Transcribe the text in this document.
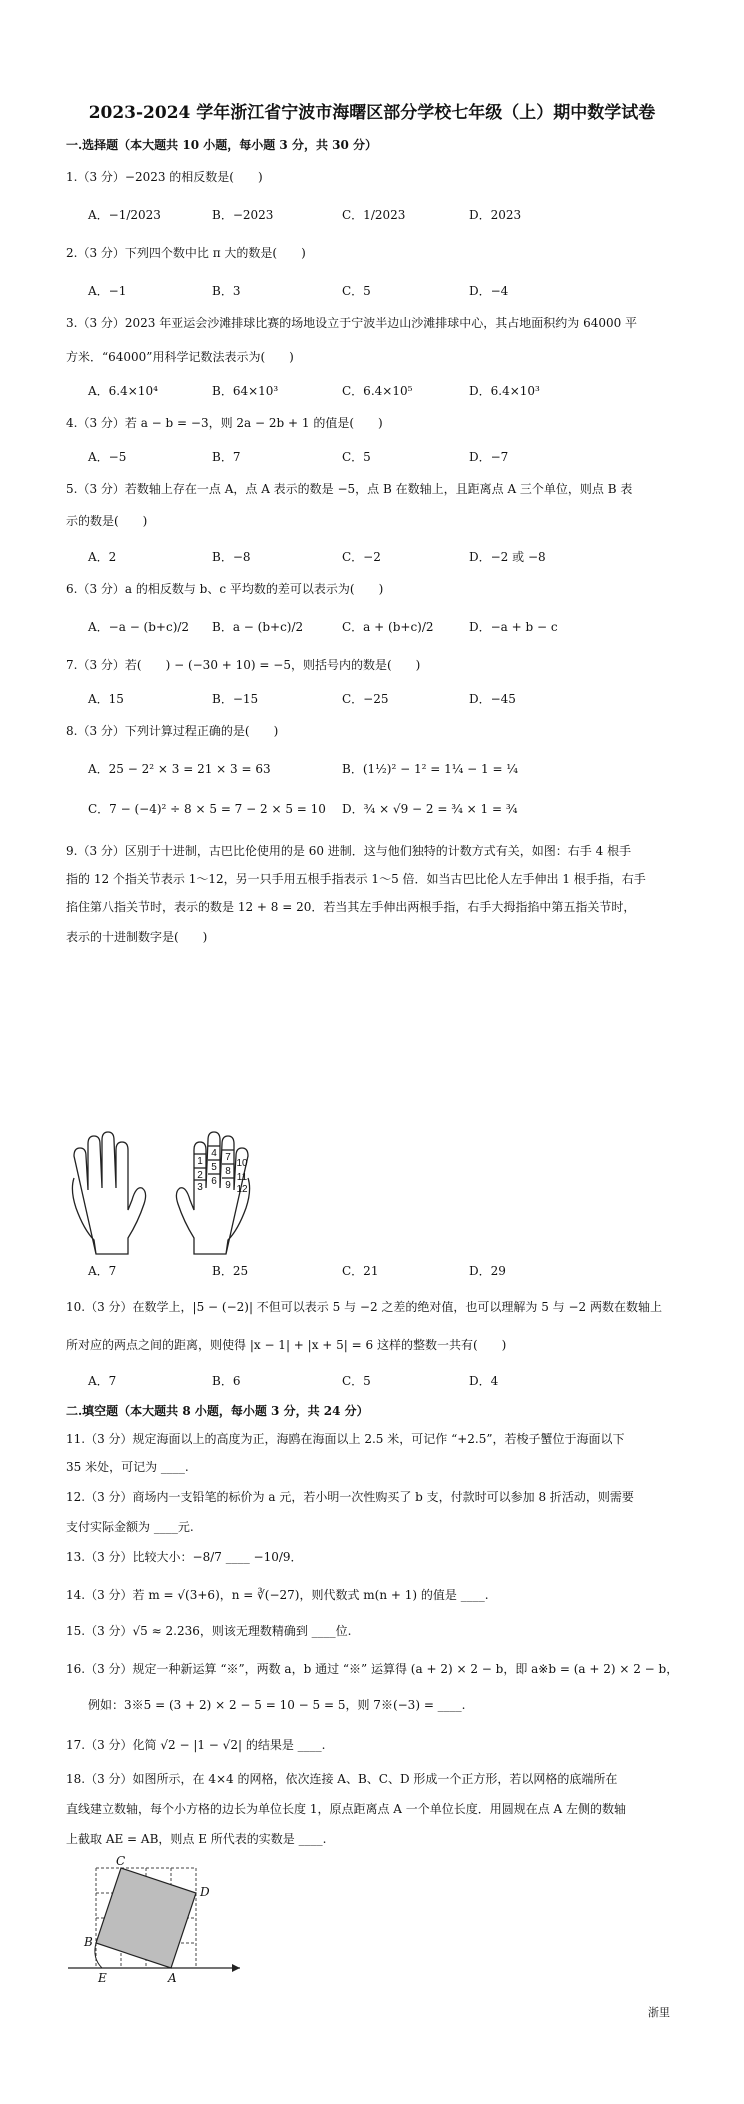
2023-2024 学年浙江省宁波市海曙区部分学校七年级（上）期中数学试卷
一.选择题（本大题共 10 小题，每小题 3 分，共 30 分）
1.（3 分）−2023 的相反数是(　　)
A．−1/2023	B．−2023	C．1/2023	D．2023
2.（3 分）下列四个数中比 π 大的数是(　　)
A．−1	B．3	C．5	D．−4
3.（3 分）2023 年亚运会沙滩排球比赛的场地设立于宁波半边山沙滩排球中心，其占地面积约为 64000 平
方米．“64000”用科学记数法表示为(　　)
A．6.4×10⁴	B．64×10³	C．6.4×10⁵	D．6.4×10³
4.（3 分）若 a − b = −3，则 2a − 2b + 1 的值是(　　)
A．−5	B．7	C．5	D．−7
5.（3 分）若数轴上存在一点 A，点 A 表示的数是 −5，点 B 在数轴上，且距离点 A 三个单位，则点 B 表
示的数是(　　)
A．2	B．−8	C．−2	D．−2 或 −8
6.（3 分）a 的相反数与 b、c 平均数的差可以表示为(　　)
A．−a − (b+c)/2 B．a − (b+c)/2	C．a + (b+c)/2	D．−a + b − c
7.（3 分）若(　　) − (−30 + 10) = −5，则括号内的数是(　　)
A．15	B．−15	C．−25	D．−45
8.（3 分）下列计算过程正确的是(　　)
A．25 − 2² × 3 = 21 × 3 = 63	B．(1½)² − 1² = 1¼ − 1 = ¼
C．7 − (−4)² ÷ 8 × 5 = 7 − 2 × 5 = 10 D．¾ × √9 − 2 = ¾ × 1 = ¾
9.（3 分）区别于十进制，古巴比伦使用的是 60 进制．这与他们独特的计数方式有关，如图：右手 4 根手
指的 12 个指关节表示 1～12，另一只手用五根手指表示 1～5 倍．如当古巴比伦人左手伸出 1 根手指，右手
掐住第八指关节时，表示的数是 12 + 8 = 20．若当其左手伸出两根手指，右手大拇指掐中第五指关节时，
表示的十进制数字是(　　)
1
2
3
4
5
6
7
8
9
10
11
12
A．7	B．25	C．21	D．29
10.（3 分）在数学上，|5 − (−2)| 不但可以表示 5 与 −2 之差的绝对值，也可以理解为 5 与 −2 两数在数轴上
所对应的两点之间的距离，则使得 |x − 1| + |x + 5| = 6 这样的整数一共有(　　)
A．7	B．6	C．5	D．4
二.填空题（本大题共 8 小题，每小题 3 分，共 24 分）
11.（3 分）规定海面以上的高度为正，海鸥在海面以上 2.5 米，可记作 “+2.5”，若梭子蟹位于海面以下
35 米处，可记为 ____.
12.（3 分）商场内一支铅笔的标价为 a 元，若小明一次性购买了 b 支，付款时可以参加 8 折活动，则需要
支付实际金额为 ____元.
13.（3 分）比较大小：−8/7 ____ −10/9．
14.（3 分）若 m = √(3+6)，n = ∛(−27)，则代数式 m(n + 1) 的值是 ____.
15.（3 分）√5 ≈ 2.236，则该无理数精确到 ____位.
16.（3 分）规定一种新运算 “※”，两数 a，b 通过 “※” 运算得 (a + 2) × 2 − b，即 a※b = (a + 2) × 2 − b，
例如：3※5 = (3 + 2) × 2 − 5 = 10 − 5 = 5，则 7※(−3) = ____.
17.（3 分）化简 √2 − |1 − √2| 的结果是 ____.
18.（3 分）如图所示，在 4×4 的网格，依次连接 A、B、C、D 形成一个正方形，若以网格的底端所在
直线建立数轴，每个小方格的边长为单位长度 1，原点距离点 A 一个单位长度．用圆规在点 A 左侧的数轴
上截取 AE = AB，则点 E 所代表的实数是 ____.
C
D
B
E	A
浙里
